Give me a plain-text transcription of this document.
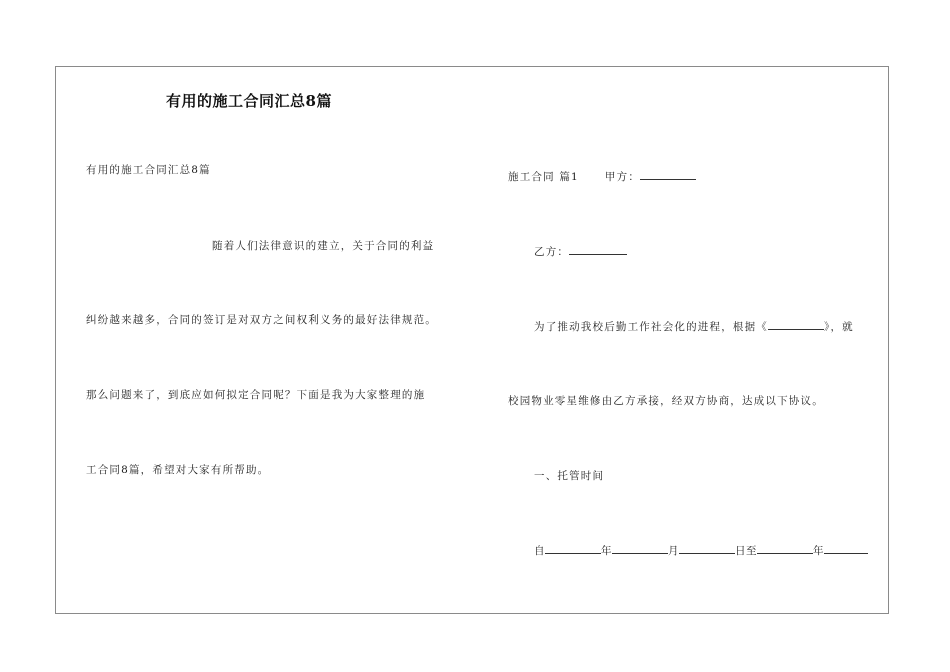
有用的施工合同汇总8篇
有用的施工合同汇总8篇
随着人们法律意识的建立，关于合同的利益
纠纷越来越多，合同的签订是对双方之间权利义务的最好法律规范。
那么问题来了，到底应如何拟定合同呢？下面是我为大家整理的施
工合同8篇，希望对大家有所帮助。
施工合同 篇1 甲方：
乙方：
为了推动我校后勤工作社会化的进程，根据《	》，就
校园物业零星维修由乙方承接，经双方协商，达成以下协议。
一、托管时间
自	年	月	日至	年
